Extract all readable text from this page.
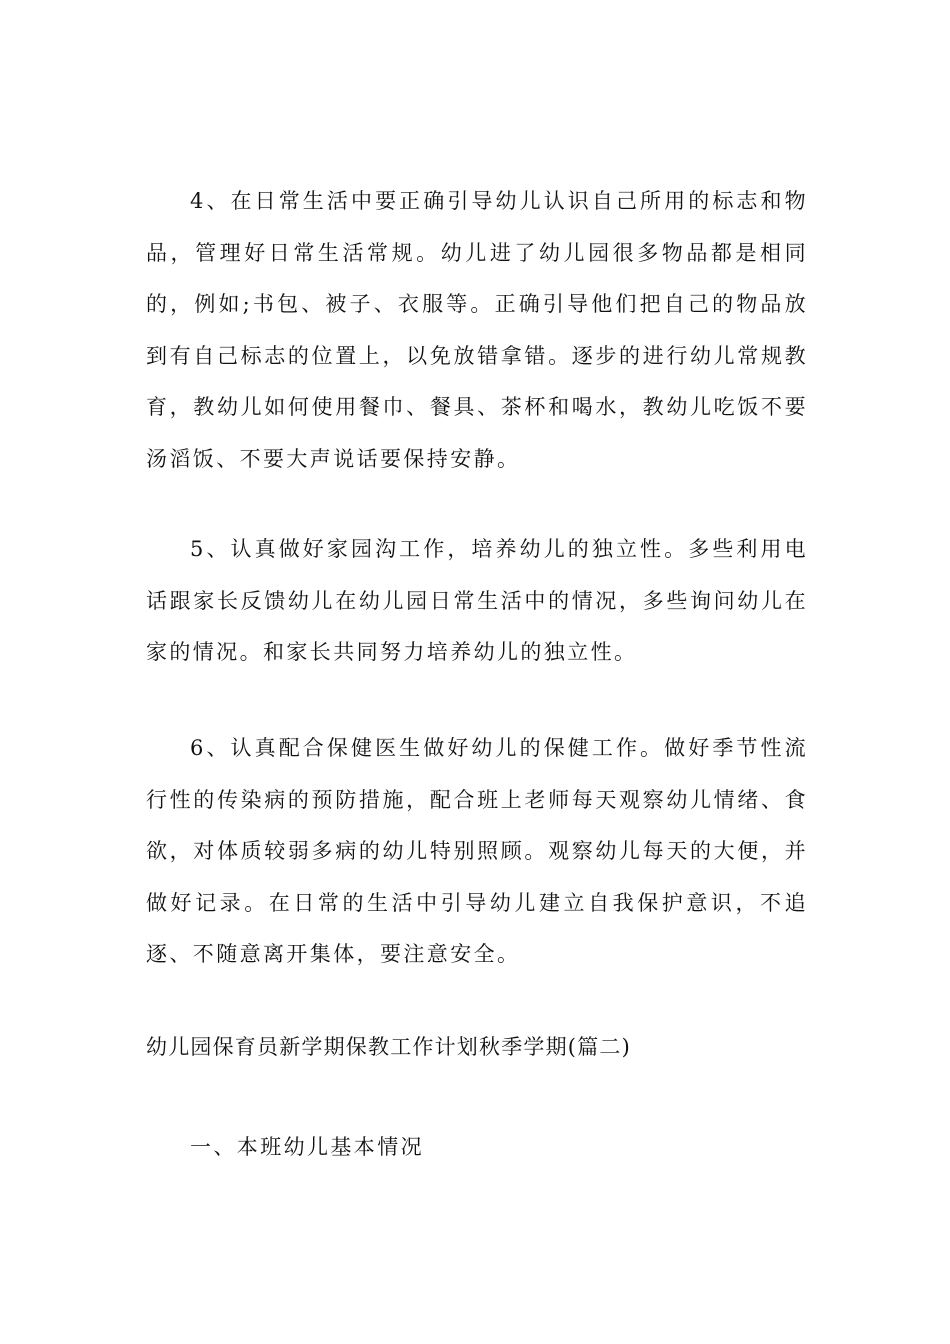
4、在日常生活中要正确引导幼儿认识自己所用的标志和物品，管理好日常生活常规。幼儿进了幼儿园很多物品都是相同的，例如;书包、被子、衣服等。正确引导他们把自己的物品放到有自己标志的位置上，以免放错拿错。逐步的进行幼儿常规教育，教幼儿如何使用餐巾、餐具、茶杯和喝水，教幼儿吃饭不要汤滔饭、不要大声说话要保持安静。

5、认真做好家园沟工作，培养幼儿的独立性。多些利用电话跟家长反馈幼儿在幼儿园日常生活中的情况，多些询问幼儿在家的情况。和家长共同努力培养幼儿的独立性。

6、认真配合保健医生做好幼儿的保健工作。做好季节性流行性的传染病的预防措施，配合班上老师每天观察幼儿情绪、食欲，对体质较弱多病的幼儿特别照顾。观察幼儿每天的大便，并做好记录。在日常的生活中引导幼儿建立自我保护意识，不追逐、不随意离开集体，要注意安全。

幼儿园保育员新学期保教工作计划秋季学期(篇二)
一、本班幼儿基本情况
